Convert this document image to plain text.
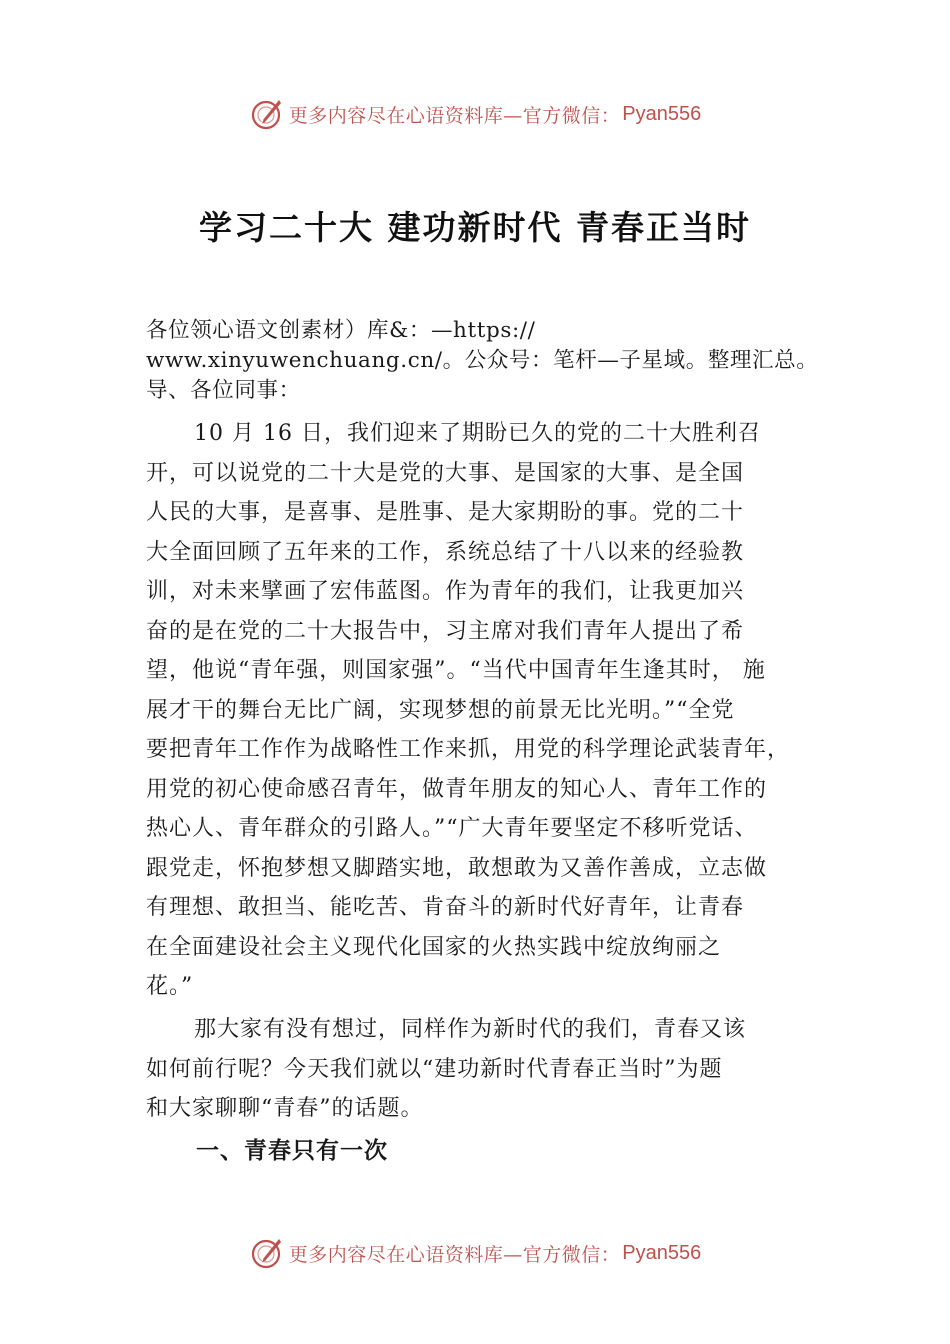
更多内容尽在心语资料库—官方微信： Pyan556
学习二十大 建功新时代 青春正当时
各位领心语文创素材）库&：—https://
www.xinyuwenchuang.cn/。公众号：笔杆—子星域。整理汇总。
导、各位同事：
10 月 16 日，我们迎来了期盼已久的党的二十大胜利召
开，可以说党的二十大是党的大事、是国家的大事、是全国
人民的大事，是喜事、是胜事、是大家期盼的事。党的二十
大全面回顾了五年来的工作，系统总结了十八以来的经验教
训，对未来擘画了宏伟蓝图。作为青年的我们，让我更加兴
奋的是在党的二十大报告中，习主席对我们青年人提出了希
望，他说“青年强，则国家强”。“当代中国青年生逢其时， 施
展才干的舞台无比广阔，实现梦想的前景无比光明。”“全党
要把青年工作作为战略性工作来抓，用党的科学理论武装青年，
用党的初心使命感召青年，做青年朋友的知心人、青年工作的
热心人、青年群众的引路人。”“广大青年要坚定不移听党话、
跟党走，怀抱梦想又脚踏实地，敢想敢为又善作善成，立志做
有理想、敢担当、能吃苦、肯奋斗的新时代好青年，让青春
在全面建设社会主义现代化国家的火热实践中绽放绚丽之
花。”
那大家有没有想过，同样作为新时代的我们，青春又该
如何前行呢？今天我们就以“建功新时代青春正当时”为题
和大家聊聊“青春”的话题。
一、青春只有一次
更多内容尽在心语资料库—官方微信： Pyan556
